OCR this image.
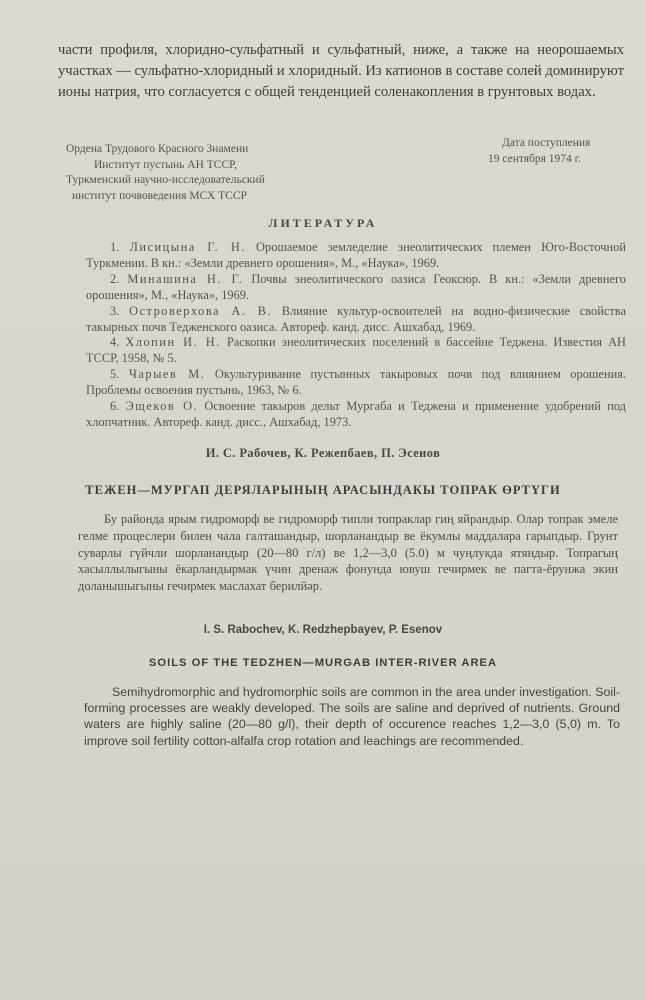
части профиля, хлоридно-сульфатный и сульфатный, ниже, а также на неорошаемых участках — сульфатно-хлоридный и хлоридный. Из катионов в составе солей доминируют ионы натрия, что согласуется с общей тенденцией соленакопления в грунтовых водах.

Ордена Трудового Красного Знамени
Институт пустынь АН ТССР,
Туркменский научно-исследовательский
институт почвоведения МСХ ТССР
Дата поступления
19 сентября 1974 г.
ЛИТЕРАТУРА

1. Лисицына Г. Н. Орошаемое земледелие энеолитических племен Юго-Восточной Туркмении. В кн.: «Земли древнего орошения», М., «Наука», 1969.

2. Минашина Н. Г. Почвы энеолитического оазиса Геоксюр. В кн.: «Земли древнего орошения», М., «Наука», 1969.

3. Островерхова А. В. Влияние культур-освоителей на водно-физические свойства такырных почв Тедженского оазиса. Автореф. канд. дисс. Ашхабад, 1969.

4. Хлопин И. Н. Раскопки энеолитических поселений в бассейне Теджена. Известия АН ТССР, 1958, № 5.

5. Чарыев М. Окультуривание пустынных такыровых почв под влиянием орошения. Проблемы освоения пустынь, 1963, № 6.

6. Эщеков О. Освоение такыров дельт Мургаба и Теджена и применение удобрений под хлопчатник. Автореф. канд. дисс., Ашхабад, 1973.

И. С. Рабочев, К. Режепбаев, П. Эсенов
ТЕЖЕН—МУРГАП ДЕРЯЛАРЫНЫҢ АРАСЫНДАКЫ ТОПРАК ӨРТҮГИ

Бу районда ярым гидроморф ве гидроморф типли топраклар гиң яйрандыр. Олар топрак эмеле гелме процеслери билен чала галташандыр, шорланандыр ве ёкумлы маддалара гарыпдыр. Грунт суварлы гүйчли шорланандыр (20—80 г/л) ве 1,2—3,0 (5.0) м чуңлукда ятяндыр. Топрагың хасыллылыгыны ёкарландырмак үчин дренаж фонунда ювуш гечирмек ве пагта-ёрунжа экин доланышыгыны гечирмек маслахат берилйәр.

I. S. Rabochev, K. Redzhepbayev, P. Esenov
SOILS OF THE TEDZHEN—MURGAB INTER-RIVER AREA

Semihydromorphic and hydromorphic soils are common in the area under investigation. Soil-forming processes are weakly developed. The soils are saline and deprived of nutrients. Ground waters are highly saline (20—80 g/l), their depth of occurence reaches 1,2—3,0 (5,0) m. To improve soil fertility cotton-alfalfa crop rotation and leachings are recommended.
